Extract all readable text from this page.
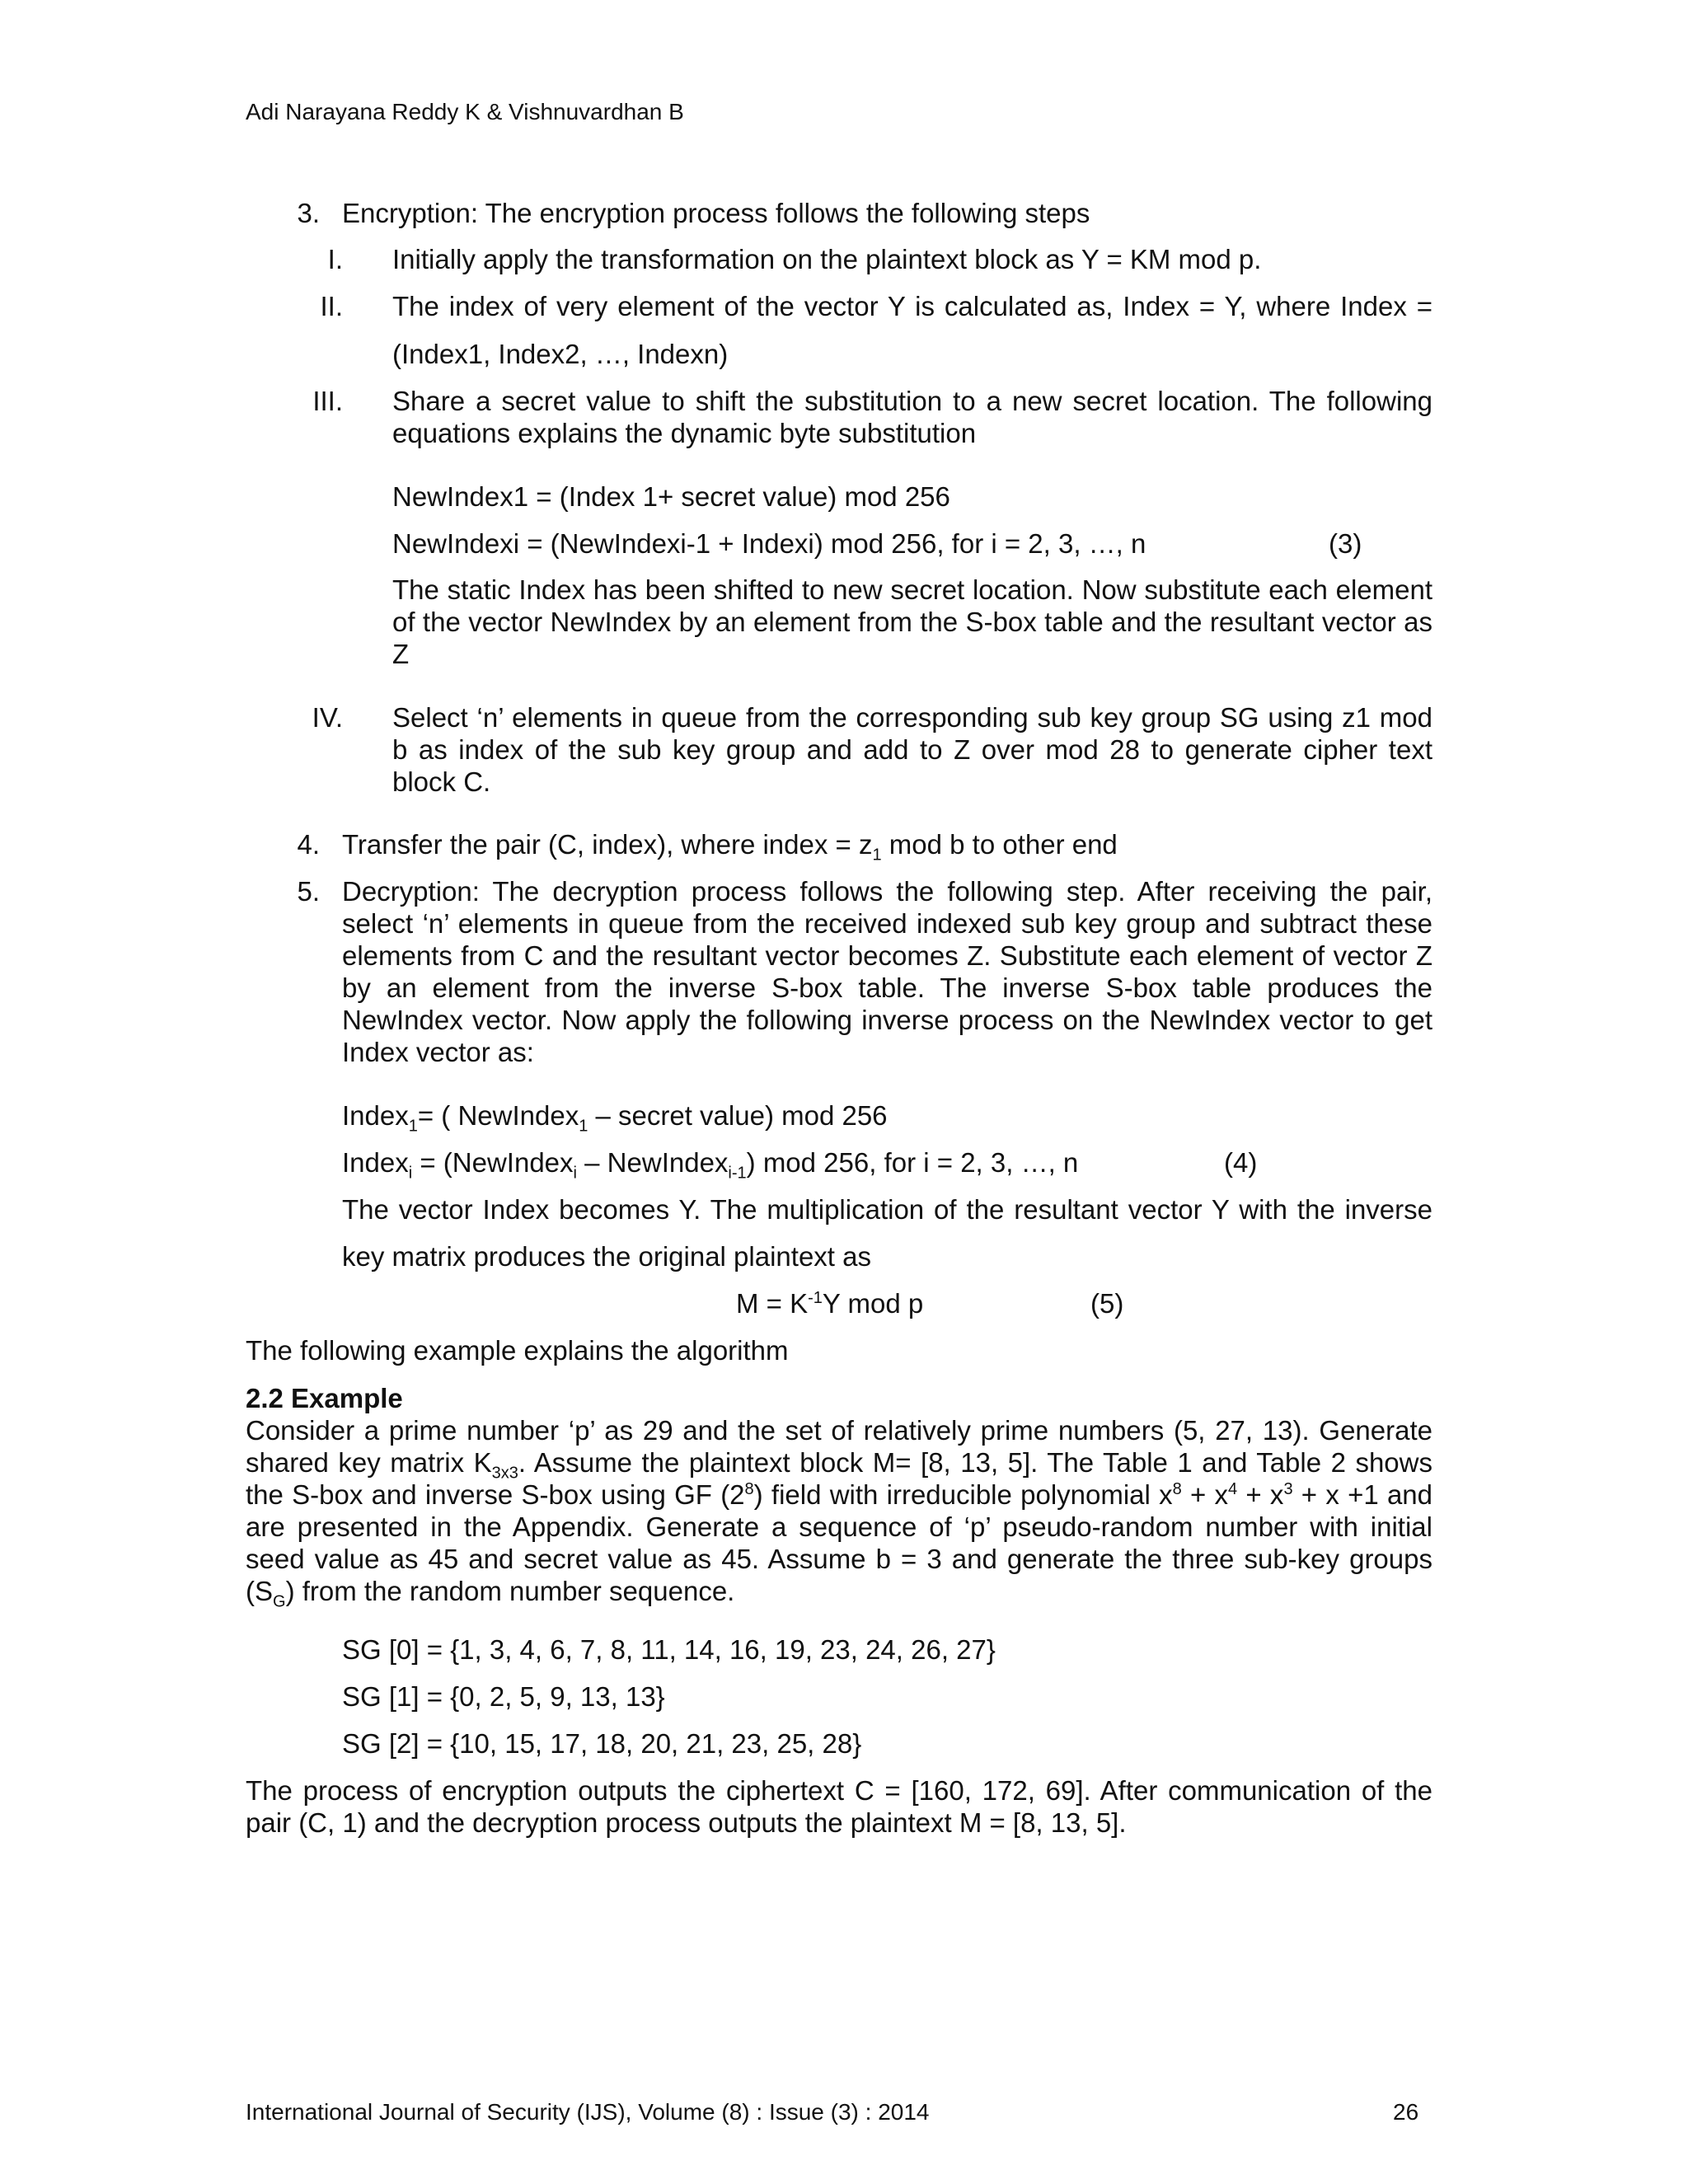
Adi Narayana Reddy K & Vishnuvardhan B
3. Encryption: The encryption process follows the following steps
I. Initially apply the transformation on the plaintext block as Y = KM mod p.
II. The index of very element of the vector Y is calculated as, Index = Y, where Index =
(Index1, Index2, …, Indexn)
III. Share a secret value to shift the substitution to a new secret location. The following equations explains the dynamic byte substitution
NewIndex1 = (Index 1+ secret value) mod 256
NewIndexi = (NewIndexi-1 + Indexi) mod 256, for i = 2, 3, …, n	(3)
The static Index has been shifted to new secret location. Now substitute each element of the vector NewIndex by an element from the S-box table and the resultant vector as Z
IV. Select ‘n’ elements in queue from the corresponding sub key group SG using z1 mod b as index of the sub key group and add to Z over mod 28 to generate cipher text block C.
4. Transfer the pair (C, index), where index = $z_1$ mod b to other end
5. Decryption: The decryption process follows the following step. After receiving the pair, select ‘n’ elements in queue from the received indexed sub key group and subtract these elements from C and the resultant vector becomes Z. Substitute each element of vector Z by an element from the inverse S-box table. The inverse S-box table produces the NewIndex vector. Now apply the following inverse process on the NewIndex vector to get Index vector as:
Index$_1$= ( NewIndex$_1$ – secret value) mod 256
Index$_i$ = (NewIndex$_i$ – NewIndex$_{i-1}$) mod 256, for i = 2, 3, …, n	(4)
The vector Index becomes Y. The multiplication of the resultant vector Y with the inverse
key matrix produces the original plaintext as
$M = K^{-1}Y$ mod p	(5)
The following example explains the algorithm
2.2 Example
Consider a prime number ‘p’ as 29 and the set of relatively prime numbers (5, 27, 13). Generate shared key matrix $K_{3x3}$. Assume the plaintext block M= [8, 13, 5]. The Table 1 and Table 2 shows the S-box and inverse S-box using GF $(2^8)$ field with irreducible polynomial $x^8 + x^4 + x^3 + x +1$ and are presented in the Appendix. Generate a sequence of ‘p’ pseudo-random number with initial seed value as 45 and secret value as 45. Assume b = 3 and generate the three sub-key groups $(S_G)$ from the random number sequence.
SG [0] = {1, 3, 4, 6, 7, 8, 11, 14, 16, 19, 23, 24, 26, 27}
SG [1] = {0, 2, 5, 9, 13, 13}
SG [2] = {10, 15, 17, 18, 20, 21, 23, 25, 28}
The process of encryption outputs the ciphertext C = [160, 172, 69]. After communication of the pair (C, 1) and the decryption process outputs the plaintext M = [8, 13, 5].
International Journal of Security (IJS), Volume (8) : Issue (3) : 2014	26
